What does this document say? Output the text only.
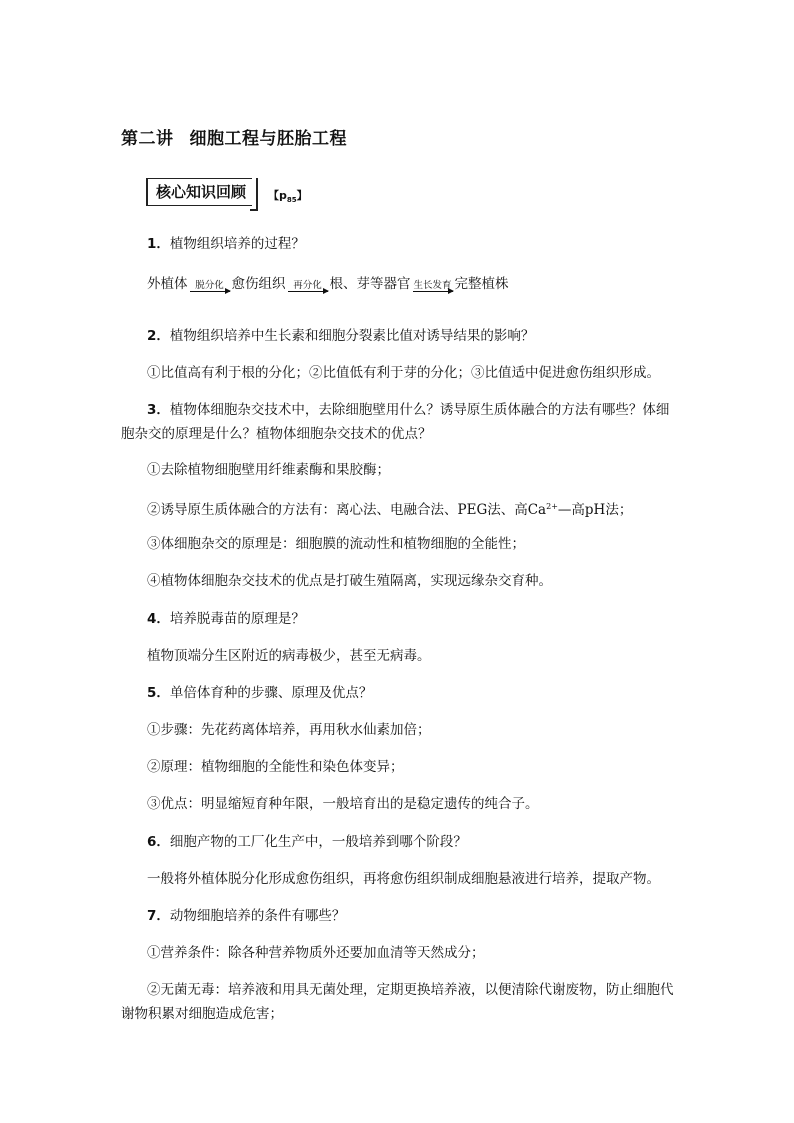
第二讲 细胞工程与胚胎工程
核心知识回顾	【$p_{85}$】
1．植物组织培养的过程？
外植体 脱分化 愈伤组织 再分化 根、芽等器官 生长发育 完整植株
2．植物组织培养中生长素和细胞分裂素比值对诱导结果的影响？
①比值高有利于根的分化；②比值低有利于芽的分化；③比值适中促进愈伤组织形成。
3．植物体细胞杂交技术中，去除细胞壁用什么？诱导原生质体融合的方法有哪些？体细胞杂交的原理是什么？植物体细胞杂交技术的优点？
①去除植物细胞壁用纤维素酶和果胶酶；
②诱导原生质体融合的方法有：离心法、电融合法、PEG法、高$Ca^{2+}—$高pH法；
③体细胞杂交的原理是：细胞膜的流动性和植物细胞的全能性；
④植物体细胞杂交技术的优点是打破生殖隔离，实现远缘杂交育种。
4．培养脱毒苗的原理是？
植物顶端分生区附近的病毒极少，甚至无病毒。
5．单倍体育种的步骤、原理及优点？
①步骤：先花药离体培养，再用秋水仙素加倍；
②原理：植物细胞的全能性和染色体变异；
③优点：明显缩短育种年限，一般培育出的是稳定遗传的纯合子。
6．细胞产物的工厂化生产中，一般培养到哪个阶段？
一般将外植体脱分化形成愈伤组织，再将愈伤组织制成细胞悬液进行培养，提取产物。
7．动物细胞培养的条件有哪些？
①营养条件：除各种营养物质外还要加血清等天然成分；
②无菌无毒：培养液和用具无菌处理，定期更换培养液，以便清除代谢废物，防止细胞代谢物积累对细胞造成危害；
